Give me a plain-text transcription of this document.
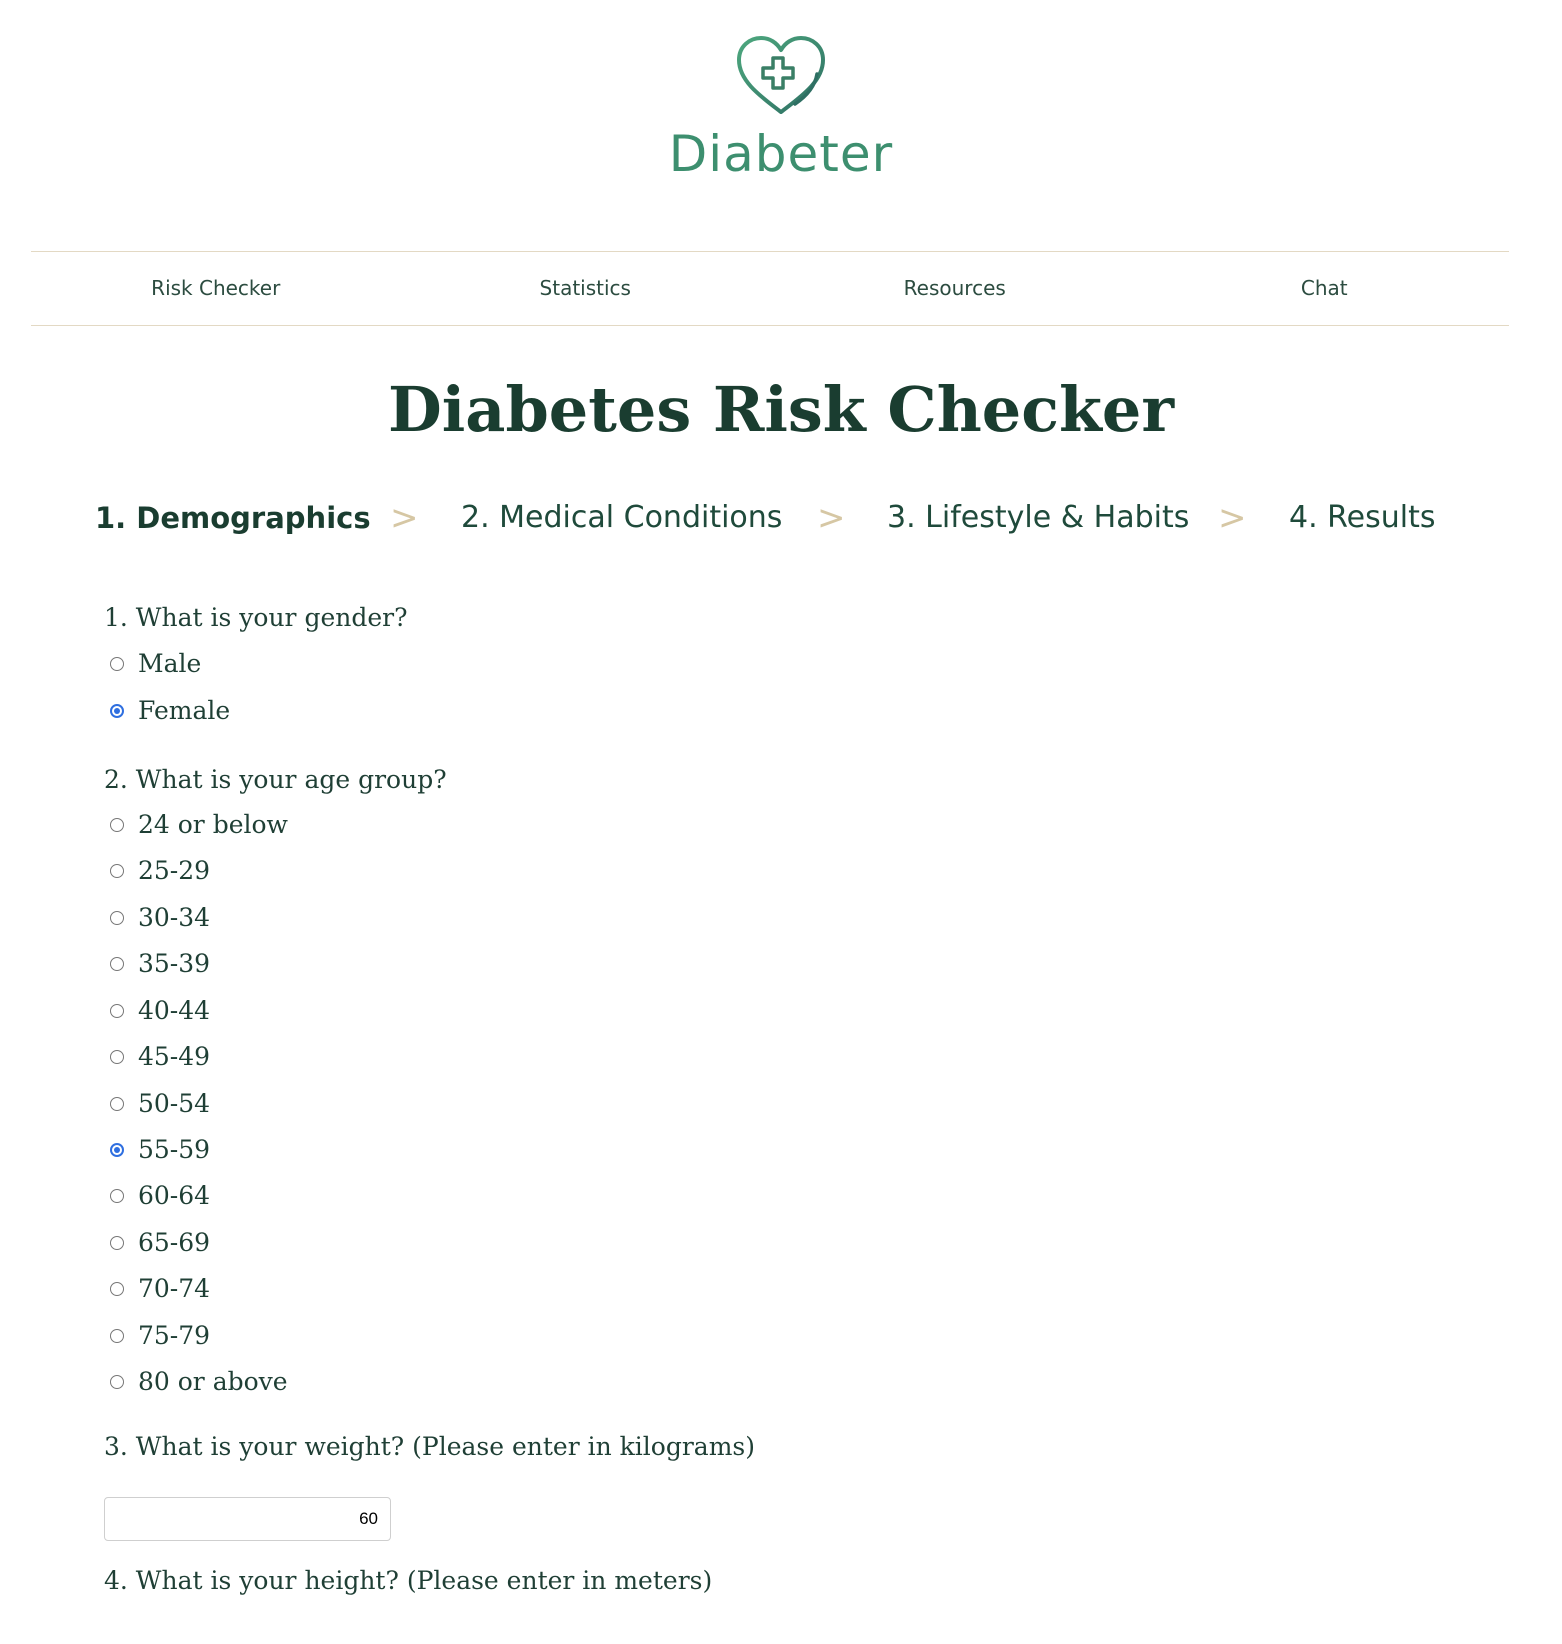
Diabeter
Risk Checker	Statistics	Resources	Chat
Diabetes Risk Checker
1. Demographics > 2. Medical Conditions > 3. Lifestyle & Habits > 4. Results
1. What is your gender?
Male
Female
2. What is your age group?
24 or below
25-29
30-34
35-39
40-44
45-49
50-54
55-59
60-64
65-69
70-74
75-79
80 or above
3. What is your weight? (Please enter in kilograms)
60
4. What is your height? (Please enter in meters)
